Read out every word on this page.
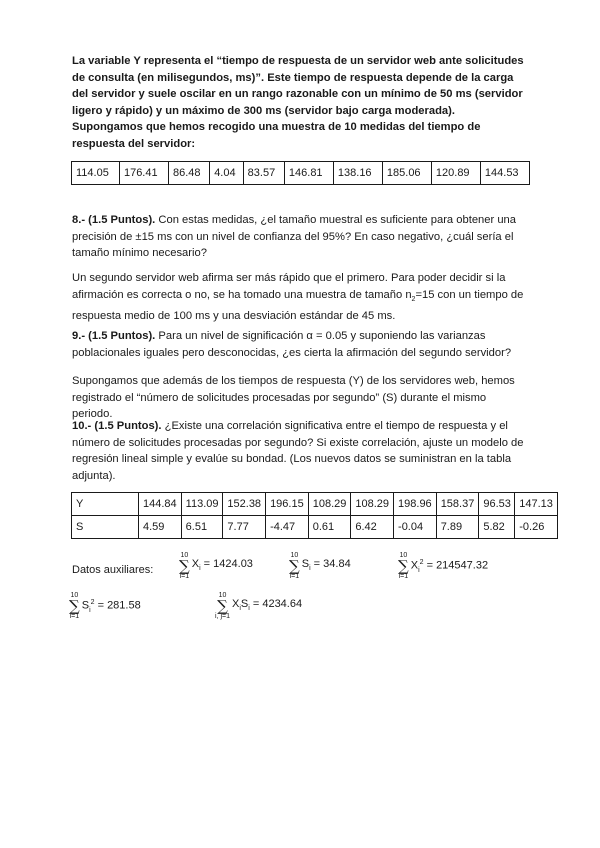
La variable Y representa el “tiempo de respuesta de un servidor web ante solicitudes de consulta (en milisegundos, ms)”. Este tiempo de respuesta depende de la carga del servidor y suele oscilar en un rango razonable con un mínimo de 50 ms (servidor ligero y rápido) y un máximo de 300 ms (servidor bajo carga moderada). Supongamos que hemos recogido una muestra de 10 medidas del tiempo de respuesta del servidor:
114.05	176.41	86.48	4.04	83.57	146.81	138.16	185.06	120.89	144.53
8.- (1.5 Puntos). Con estas medidas, ¿el tamaño muestral es suficiente para obtener una precisión de ±15 ms con un nivel de confianza del 95%? En caso negativo, ¿cuál sería el tamaño mínimo necesario?
Un segundo servidor web afirma ser más rápido que el primero. Para poder decidir si la afirmación es correcta o no, se ha tomado una muestra de tamaño $n_2=15$ con un tiempo de respuesta medio de 100 ms y una desviación estándar de 45 ms.
9.- (1.5 Puntos). Para un nivel de significación α = 0.05 y suponiendo las varianzas poblacionales iguales pero desconocidas, ¿es cierta la afirmación del segundo servidor?
Supongamos que además de los tiempos de respuesta (Y) de los servidores web, hemos registrado el “número de solicitudes procesadas por segundo” (S) durante el mismo periodo.
10.- (1.5 Puntos). ¿Existe una correlación significativa entre el tiempo de respuesta y el número de solicitudes procesadas por segundo? Si existe correlación, ajuste un modelo de regresión lineal simple y evalúe su bondad. (Los nuevos datos se suministran en la tabla adjunta).
Y	144.84	113.09	152.38	196.15	108.29	108.29	198.96	158.37	96.53	147.13
S	4.59	6.51	7.77	-4.47	0.61	6.42	-0.04	7.89	5.82	-0.26
Datos auxiliares:
10
∑
$i=1X_i = 1424.03$
10
∑
$i=1S_i = 34.84$
10
∑
$i=1X_i^2 = 214547.32$
10
∑
$i=1S_i^2 = 281.58$
10
∑
i, $j=1X_iS_i = 4234.64$
